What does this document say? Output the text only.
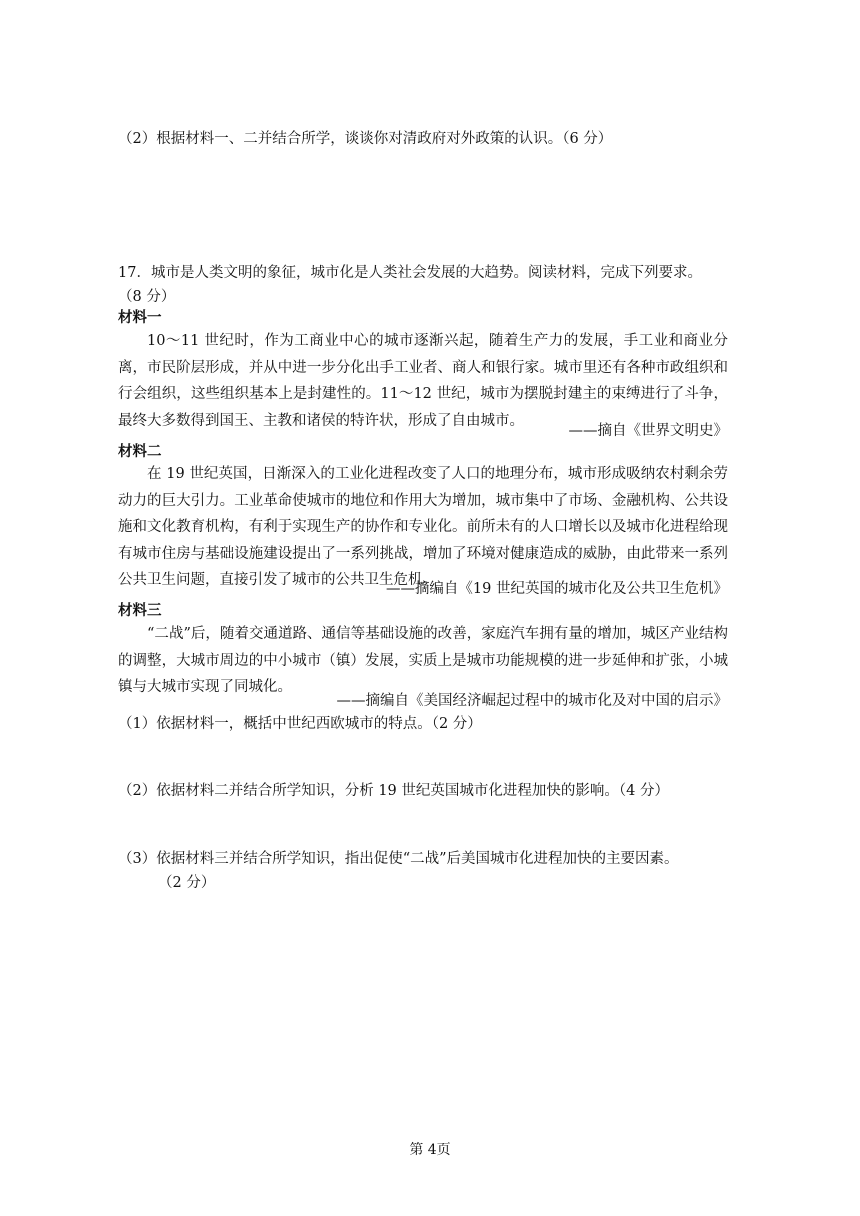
（2）根据材料一、二并结合所学，谈谈你对清政府对外政策的认识。（6 分）
17．城市是人类文明的象征，城市化是人类社会发展的大趋势。阅读材料，完成下列要求。
（8 分）
材料一
10～11 世纪时，作为工商业中心的城市逐渐兴起，随着生产力的发展，手工业和商业分离，市民阶层形成，并从中进一步分化出手工业者、商人和银行家。城市里还有各种市政组织和行会组织，这些组织基本上是封建性的。11～12 世纪，城市为摆脱封建主的束缚进行了斗争，最终大多数得到国王、主教和诸侯的特许状，形成了自由城市。
——摘自《世界文明史》
材料二
在 19 世纪英国，日渐深入的工业化进程改变了人口的地理分布，城市形成吸纳农村剩余劳动力的巨大引力。工业革命使城市的地位和作用大为增加，城市集中了市场、金融机构、公共设施和文化教育机构，有利于实现生产的协作和专业化。前所未有的人口增长以及城市化进程给现有城市住房与基础设施建设提出了一系列挑战，增加了环境对健康造成的威胁，由此带来一系列公共卫生问题，直接引发了城市的公共卫生危机。
——摘编自《19 世纪英国的城市化及公共卫生危机》
材料三
“二战”后，随着交通道路、通信等基础设施的改善，家庭汽车拥有量的增加，城区产业结构的调整，大城市周边的中小城市（镇）发展，实质上是城市功能规模的进一步延伸和扩张，小城镇与大城市实现了同城化。
——摘编自《美国经济崛起过程中的城市化及对中国的启示》
（1）依据材料一，概括中世纪西欧城市的特点。（2 分）
（2）依据材料二并结合所学知识，分析 19 世纪英国城市化进程加快的影响。（4 分）
（3）依据材料三并结合所学知识，指出促使“二战”后美国城市化进程加快的主要因素。
（2 分）
第 4页
